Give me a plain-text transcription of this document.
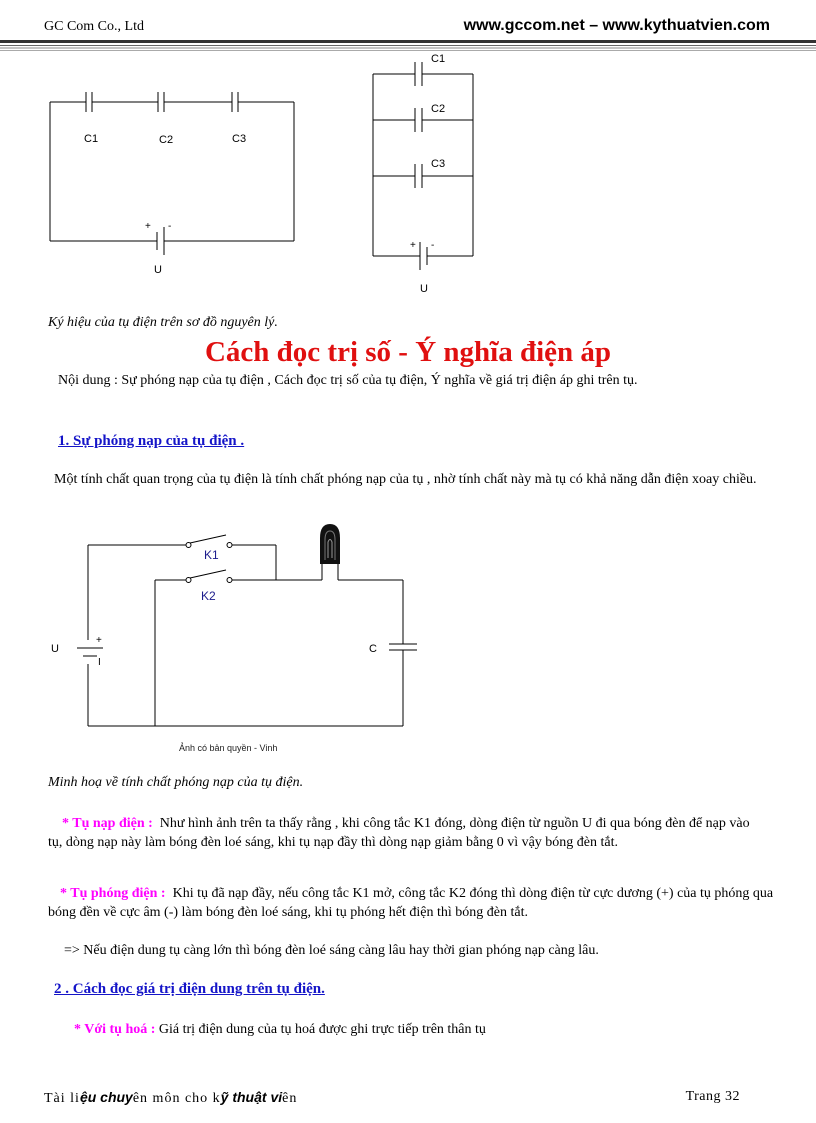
GC Com Co., Ltd	www.gccom.net – www.kythuatvien.com
C1	C2	C3
+ -
U
C1
C2
C3
+ -
U
Ký hiệu của tụ điện trên sơ đồ nguyên lý.
Cách đọc trị số - Ý nghĩa điện áp
Nội dung : Sự phóng nạp của tụ điện , Cách đọc trị số của tụ điện, Ý nghĩa về giá trị điện áp ghi trên tụ.
1. Sự phóng nạp của tụ điện .
Một tính chất quan trọng của tụ điện là tính chất phóng nạp của tụ , nhờ tính chất này mà tụ có khả năng dẫn điện xoay chiều.
K1
K2
U
+
I
C
Ảnh có bản quyền - Vinh
Minh hoạ về tính chất phóng nạp của tụ điện.
* Tụ nạp điện : Như hình ảnh trên ta thấy rằng , khi công tắc K1 đóng, dòng điện từ nguồn U đi qua bóng đèn để nạp vào tụ, dòng nạp này làm bóng đèn loé sáng, khi tụ nạp đầy thì dòng nạp giảm bằng 0 vì vậy bóng đèn tắt.
* Tụ phóng điện : Khi tụ đã nạp đầy, nếu công tắc K1 mở, công tắc K2 đóng thì dòng điện từ cực dương (+) của tụ phóng qua bóng đền về cực âm (-) làm bóng đèn loé sáng, khi tụ phóng hết điện thì bóng đèn tắt.
=> Nếu điện dung tụ càng lớn thì bóng đèn loé sáng càng lâu hay thời gian phóng nạp càng lâu.
2 . Cách đọc giá trị điện dung trên tụ điện.
* Với tụ hoá : Giá trị điện dung của tụ hoá được ghi trực tiếp trên thân tụ
Tài liệu chuyên môn cho kỹ thuật viên	Trang 32
